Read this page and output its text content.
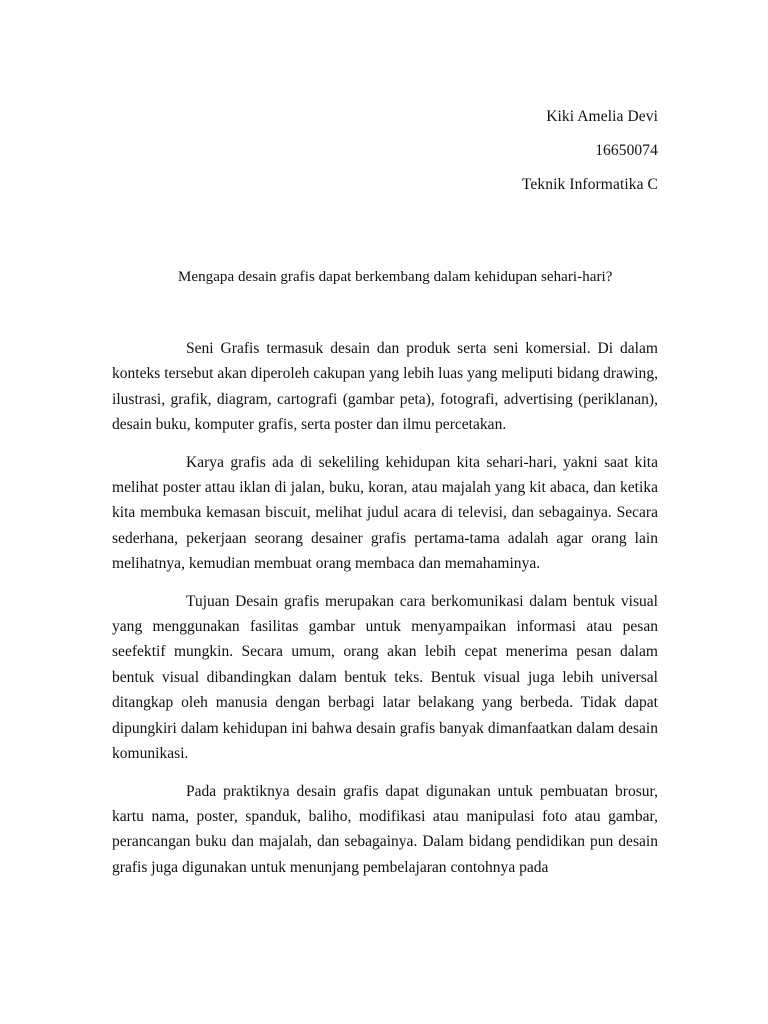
Kiki Amelia Devi
16650074
Teknik Informatika C
Mengapa desain grafis dapat berkembang dalam kehidupan sehari-hari?

Seni Grafis termasuk desain dan produk serta seni komersial. Di dalam konteks tersebut akan diperoleh cakupan yang lebih luas yang meliputi bidang drawing, ilustrasi, grafik, diagram, cartografi (gambar peta), fotografi, advertising (periklanan), desain buku, komputer grafis, serta poster dan ilmu percetakan.

Karya grafis ada di sekeliling kehidupan kita sehari-hari, yakni saat kita melihat poster attau iklan di jalan, buku, koran, atau majalah yang kit abaca, dan ketika kita membuka kemasan biscuit, melihat judul acara di televisi, dan sebagainya. Secara sederhana, pekerjaan seorang desainer grafis pertama-tama adalah agar orang lain melihatnya, kemudian membuat orang membaca dan memahaminya.

Tujuan Desain grafis merupakan cara berkomunikasi dalam bentuk visual yang menggunakan fasilitas gambar untuk menyampaikan informasi atau pesan seefektif mungkin. Secara umum, orang akan lebih cepat menerima pesan dalam bentuk visual dibandingkan dalam bentuk teks. Bentuk visual juga lebih universal ditangkap oleh manusia dengan berbagi latar belakang yang berbeda. Tidak dapat dipungkiri dalam kehidupan ini bahwa desain grafis banyak dimanfaatkan dalam desain komunikasi.

Pada praktiknya desain grafis dapat digunakan untuk pembuatan brosur, kartu nama, poster, spanduk, baliho, modifikasi atau manipulasi foto atau gambar, perancangan buku dan majalah, dan sebagainya. Dalam bidang pendidikan pun desain grafis juga digunakan untuk menunjang pembelajaran contohnya pada
